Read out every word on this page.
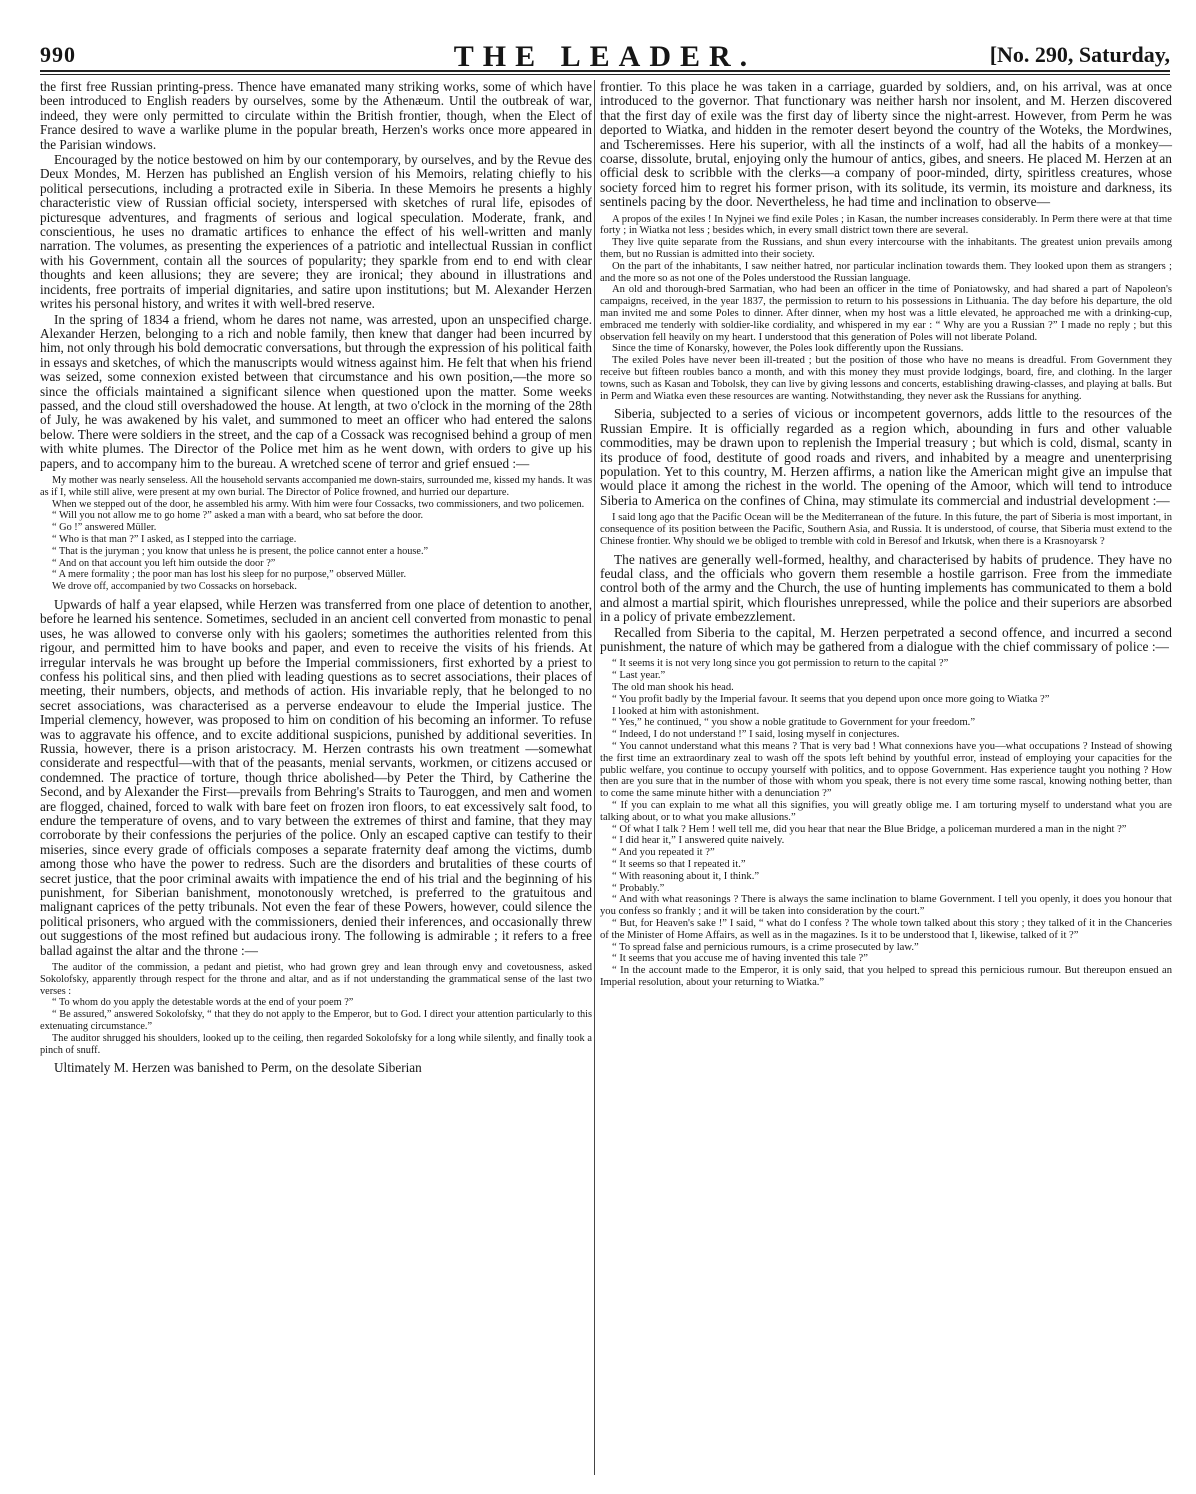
990	THE LEADER.	[No. 290, Saturday,

the first free Russian printing-press. Thence have emanated many striking works, some of which have been introduced to English readers by ourselves, some by the Athenæum. Until the outbreak of war, indeed, they were only permitted to circulate within the British frontier, though, when the Elect of France desired to wave a warlike plume in the popular breath, Herzen's works once more appeared in the Parisian windows.

Encouraged by the notice bestowed on him by our contemporary, by ourselves, and by the Revue des Deux Mondes, M. Herzen has published an English version of his Memoirs, relating chiefly to his political persecutions, including a protracted exile in Siberia. In these Memoirs he presents a highly characteristic view of Russian official society, interspersed with sketches of rural life, episodes of picturesque adventures, and fragments of serious and logical speculation. Moderate, frank, and conscientious, he uses no dramatic artifices to enhance the effect of his well-written and manly narration. The volumes, as presenting the experiences of a patriotic and intellectual Russian in conflict with his Government, contain all the sources of popularity; they sparkle from end to end with clear thoughts and keen allusions; they are severe; they are ironical; they abound in illustrations and incidents, free portraits of imperial dignitaries, and satire upon institutions; but M. Alexander Herzen writes his personal history, and writes it with well-bred reserve.

In the spring of 1834 a friend, whom he dares not name, was arrested, upon an unspecified charge. Alexander Herzen, belonging to a rich and noble family, then knew that danger had been incurred by him, not only through his bold democratic conversations, but through the expression of his political faith in essays and sketches, of which the manuscripts would witness against him. He felt that when his friend was seized, some connexion existed between that circumstance and his own position,—the more so since the officials maintained a significant silence when questioned upon the matter. Some weeks passed, and the cloud still overshadowed the house. At length, at two o'clock in the morning of the 28th of July, he was awakened by his valet, and summoned to meet an officer who had entered the salons below. There were soldiers in the street, and the cap of a Cossack was recognised behind a group of men with white plumes. The Director of the Police met him as he went down, with orders to give up his papers, and to accompany him to the bureau. A wretched scene of terror and grief ensued :—

My mother was nearly senseless. All the household servants accompanied me down-stairs, surrounded me, kissed my hands. It was as if I, while still alive, were present at my own burial. The Director of Police frowned, and hurried our departure.

When we stepped out of the door, he assembled his army. With him were four Cossacks, two commissioners, and two policemen.

“ Will you not allow me to go home ?” asked a man with a beard, who sat before the door.

“ Go !” answered Müller.

“ Who is that man ?” I asked, as I stepped into the carriage.

“ That is the juryman ; you know that unless he is present, the police cannot enter a house.”

“ And on that account you left him outside the door ?”

“ A mere formality ; the poor man has lost his sleep for no purpose,” observed Müller.

We drove off, accompanied by two Cossacks on horseback.

Upwards of half a year elapsed, while Herzen was transferred from one place of detention to another, before he learned his sentence. Sometimes, secluded in an ancient cell converted from monastic to penal uses, he was allowed to converse only with his gaolers; sometimes the authorities relented from this rigour, and permitted him to have books and paper, and even to receive the visits of his friends. At irregular intervals he was brought up before the Imperial commissioners, first exhorted by a priest to confess his political sins, and then plied with leading questions as to secret associations, their places of meeting, their numbers, objects, and methods of action. His invariable reply, that he belonged to no secret associations, was characterised as a perverse endeavour to elude the Imperial justice. The Imperial clemency, however, was proposed to him on condition of his becoming an informer. To refuse was to aggravate his offence, and to excite additional suspicions, punished by additional severities. In Russia, however, there is a prison aristocracy. M. Herzen contrasts his own treatment —somewhat considerate and respectful—with that of the peasants, menial servants, workmen, or citizens accused or condemned. The practice of torture, though thrice abolished—by Peter the Third, by Catherine the Second, and by Alexander the First—prevails from Behring's Straits to Tauroggen, and men and women are flogged, chained, forced to walk with bare feet on frozen iron floors, to eat excessively salt food, to endure the temperature of ovens, and to vary between the extremes of thirst and famine, that they may corroborate by their confessions the perjuries of the police. Only an escaped captive can testify to their miseries, since every grade of officials composes a separate fraternity deaf among the victims, dumb among those who have the power to redress. Such are the disorders and brutalities of these courts of secret justice, that the poor criminal awaits with impatience the end of his trial and the beginning of his punishment, for Siberian banishment, monotonously wretched, is preferred to the gratuitous and malignant caprices of the petty tribunals. Not even the fear of these Powers, however, could silence the political prisoners, who argued with the commissioners, denied their inferences, and occasionally threw out suggestions of the most refined but audacious irony. The following is admirable ; it refers to a free ballad against the altar and the throne :—

The auditor of the commission, a pedant and pietist, who had grown grey and lean through envy and covetousness, asked Sokolofsky, apparently through respect for the throne and altar, and as if not understanding the grammatical sense of the last two verses :

“ To whom do you apply the detestable words at the end of your poem ?”

“ Be assured,” answered Sokolofsky, “ that they do not apply to the Emperor, but to God. I direct your attention particularly to this extenuating circumstance.”

The auditor shrugged his shoulders, looked up to the ceiling, then regarded Sokolofsky for a long while silently, and finally took a pinch of snuff.

Ultimately M. Herzen was banished to Perm, on the desolate Siberian

frontier. To this place he was taken in a carriage, guarded by soldiers, and, on his arrival, was at once introduced to the governor. That functionary was neither harsh nor insolent, and M. Herzen discovered that the first day of exile was the first day of liberty since the night-arrest. However, from Perm he was deported to Wiatka, and hidden in the remoter desert beyond the country of the Woteks, the Mordwines, and Tscheremisses. Here his superior, with all the instincts of a wolf, had all the habits of a monkey—coarse, dissolute, brutal, enjoying only the humour of antics, gibes, and sneers. He placed M. Herzen at an official desk to scribble with the clerks—a company of poor-minded, dirty, spiritless creatures, whose society forced him to regret his former prison, with its solitude, its vermin, its moisture and darkness, its sentinels pacing by the door. Nevertheless, he had time and inclination to observe—

A propos of the exiles ! In Nyjnei we find exile Poles ; in Kasan, the number increases considerably. In Perm there were at that time forty ; in Wiatka not less ; besides which, in every small district town there are several.

They live quite separate from the Russians, and shun every intercourse with the inhabitants. The greatest union prevails among them, but no Russian is admitted into their society.

On the part of the inhabitants, I saw neither hatred, nor particular inclination towards them. They looked upon them as strangers ; and the more so as not one of the Poles understood the Russian language.

An old and thorough-bred Sarmatian, who had been an officer in the time of Poniatowsky, and had shared a part of Napoleon's campaigns, received, in the year 1837, the permission to return to his possessions in Lithuania. The day before his departure, the old man invited me and some Poles to dinner. After dinner, when my host was a little elevated, he approached me with a drinking-cup, embraced me tenderly with soldier-like cordiality, and whispered in my ear : “ Why are you a Russian ?” I made no reply ; but this observation fell heavily on my heart. I understood that this generation of Poles will not liberate Poland.

Since the time of Konarsky, however, the Poles look differently upon the Russians.

The exiled Poles have never been ill-treated ; but the position of those who have no means is dreadful. From Government they receive but fifteen roubles banco a month, and with this money they must provide lodgings, board, fire, and clothing. In the larger towns, such as Kasan and Tobolsk, they can live by giving lessons and concerts, establishing drawing-classes, and playing at balls. But in Perm and Wiatka even these resources are wanting. Notwithstanding, they never ask the Russians for anything.

Siberia, subjected to a series of vicious or incompetent governors, adds little to the resources of the Russian Empire. It is officially regarded as a region which, abounding in furs and other valuable commodities, may be drawn upon to replenish the Imperial treasury ; but which is cold, dismal, scanty in its produce of food, destitute of good roads and rivers, and inhabited by a meagre and unenterprising population. Yet to this country, M. Herzen affirms, a nation like the American might give an impulse that would place it among the richest in the world. The opening of the Amoor, which will tend to introduce Siberia to America on the confines of China, may stimulate its commercial and industrial development :—

I said long ago that the Pacific Ocean will be the Mediterranean of the future. In this future, the part of Siberia is most important, in consequence of its position between the Pacific, Southern Asia, and Russia. It is understood, of course, that Siberia must extend to the Chinese frontier. Why should we be obliged to tremble with cold in Beresof and Irkutsk, when there is a Krasnoyarsk ?

The natives are generally well-formed, healthy, and characterised by habits of prudence. They have no feudal class, and the officials who govern them resemble a hostile garrison. Free from the immediate control both of the army and the Church, the use of hunting implements has communicated to them a bold and almost a martial spirit, which flourishes unrepressed, while the police and their superiors are absorbed in a policy of private embezzlement.

Recalled from Siberia to the capital, M. Herzen perpetrated a second offence, and incurred a second punishment, the nature of which may be gathered from a dialogue with the chief commissary of police :—

“ It seems it is not very long since you got permission to return to the capital ?”

“ Last year.”

The old man shook his head.

“ You profit badly by the Imperial favour. It seems that you depend upon once more going to Wiatka ?”

I looked at him with astonishment.

“ Yes,” he continued, “ you show a noble gratitude to Government for your freedom.”

“ Indeed, I do not understand !” I said, losing myself in conjectures.

“ You cannot understand what this means ? That is very bad ! What connexions have you—what occupations ? Instead of showing the first time an extraordinary zeal to wash off the spots left behind by youthful error, instead of employing your capacities for the public welfare, you continue to occupy yourself with politics, and to oppose Government. Has experience taught you nothing ? How then are you sure that in the number of those with whom you speak, there is not every time some rascal, knowing nothing better, than to come the same minute hither with a denunciation ?”

“ If you can explain to me what all this signifies, you will greatly oblige me. I am torturing myself to understand what you are talking about, or to what you make allusions.”

“ Of what I talk ? Hem ! well tell me, did you hear that near the Blue Bridge, a policeman murdered a man in the night ?”

“ I did hear it,” I answered quite naively.

“ And you repeated it ?”

“ It seems so that I repeated it.”

“ With reasoning about it, I think.”

“ Probably.”

“ And with what reasonings ? There is always the same inclination to blame Government. I tell you openly, it does you honour that you confess so frankly ; and it will be taken into consideration by the court.”

“ But, for Heaven's sake !” I said, “ what do I confess ? The whole town talked about this story ; they talked of it in the Chanceries of the Minister of Home Affairs, as well as in the magazines. Is it to be understood that I, likewise, talked of it ?”

“ To spread false and pernicious rumours, is a crime prosecuted by law.”

“ It seems that you accuse me of having invented this tale ?”

“ In the account made to the Emperor, it is only said, that you helped to spread this pernicious rumour. But thereupon ensued an Imperial resolution, about your returning to Wiatka.”
